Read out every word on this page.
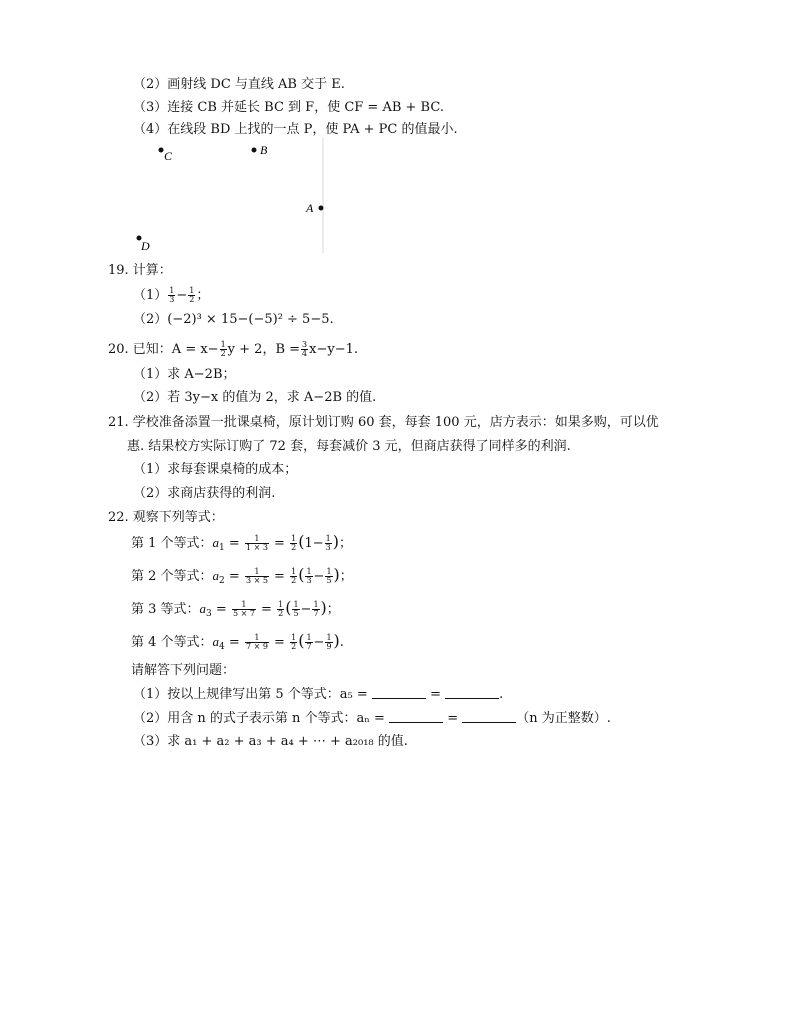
（2）画射线 DC 与直线 AB 交于 E.
（3）连接 CB 并延长 BC 到 F，使 CF = AB + BC.
（4）在线段 BD 上找的一点 P，使 PA + PC 的值最小.
C	B
A
D
19. 计算：
$(1) \frac{1}{3} - \frac{1}{2}$ ；
（2）(−2)³ × 15−(−5)² ÷ 5−5.
20. 已知：$A = x- \frac{1}{2}$ y + 2，$B = \frac{3}{4} x-y-1$.
（1）求 A−2B；
（2）若 3y−x 的值为 2，求 A−2B 的值.
21. 学校准备添置一批课桌椅，原计划订购 60 套，每套 100 元，店方表示：如果多购，可以优
惠. 结果校方实际订购了 72 套，每套减价 3 元，但商店获得了同样多的利润.
（1）求每套课桌椅的成本；
（2）求商店获得的利润.
22. 观察下列等式：
第 1 个等式：$a_1 = \frac{1}{1 \times 3} = \frac{1}{2} (1- \frac{1}{3}$ )；
第 2 个等式：$a_2 = \frac{1}{3 \times 5} = \frac{1}{2}$ ( $\frac{1}{3} - \frac{1}{5}$ )；
第 3 等式：$a_3 = \frac{1}{5 \times 7} = \frac{1}{2}$ ( $\frac{1}{5} - \frac{1}{7}$ )；
第 4 个等式：$a_4 = \frac{1}{7 \times 9} = \frac{1}{2}$ ( $\frac{1}{7} - \frac{1}{9}$ ).
请解答下列问题：
（1）按以上规律写出第 5 个等式：a₅ =	=	.
（2）用含 n 的式子表示第 n 个等式：aₙ =	=	（n 为正整数）.
（3）求 a₁ + a₂ + a₃ + a₄ + ⋯ + a₂₀₁₈ 的值.
